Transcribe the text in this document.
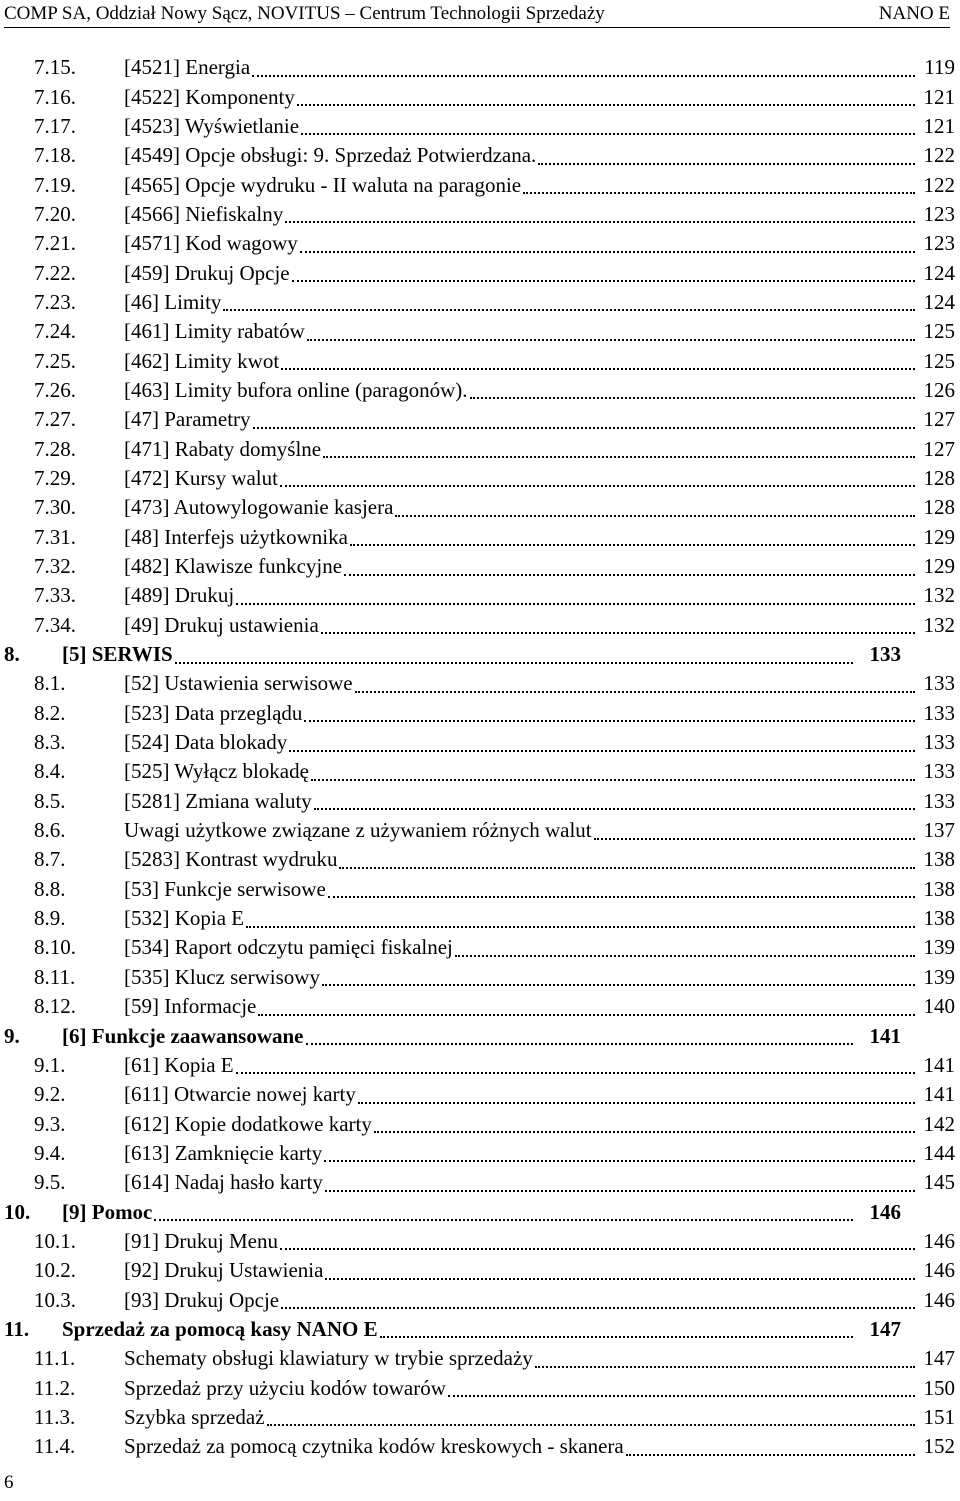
COMP SA, Oddział Nowy Sącz, NOVITUS – Centrum Technologii Sprzedaży	NANO E
7.15.	[4521] Energia	119
7.16.	[4522] Komponenty	121
7.17.	[4523] Wyświetlanie	121
7.18.	[4549] Opcje obsługi: 9. Sprzedaż Potwierdzana.	122
7.19.	[4565] Opcje wydruku - II waluta na paragonie	122
7.20.	[4566] Niefiskalny	123
7.21.	[4571] Kod wagowy	123
7.22.	[459] Drukuj Opcje	124
7.23.	[46] Limity	124
7.24.	[461] Limity rabatów	125
7.25.	[462] Limity kwot	125
7.26.	[463] Limity bufora online (paragonów).	126
7.27.	[47] Parametry	127
7.28.	[471] Rabaty domyślne	127
7.29.	[472] Kursy walut	128
7.30.	[473] Autowylogowanie kasjera	128
7.31.	[48] Interfejs użytkownika	129
7.32.	[482] Klawisze funkcyjne	129
7.33.	[489] Drukuj	132
7.34.	[49] Drukuj ustawienia	132
8.	[5] SERWIS	133
8.1.	[52] Ustawienia serwisowe	133
8.2.	[523] Data przeglądu	133
8.3.	[524] Data blokady	133
8.4.	[525] Wyłącz blokadę	133
8.5.	[5281] Zmiana waluty	133
8.6.	Uwagi użytkowe związane z używaniem różnych walut	137
8.7.	[5283] Kontrast wydruku	138
8.8.	[53] Funkcje serwisowe	138
8.9.	[532] Kopia E	138
8.10.	[534] Raport odczytu pamięci fiskalnej	139
8.11.	[535] Klucz serwisowy	139
8.12.	[59] Informacje	140
9.	[6] Funkcje zaawansowane	141
9.1.	[61] Kopia E	141
9.2.	[611] Otwarcie nowej karty	141
9.3.	[612] Kopie dodatkowe karty	142
9.4.	[613] Zamknięcie karty	144
9.5.	[614] Nadaj hasło karty	145
10.	[9] Pomoc	146
10.1.	[91] Drukuj Menu	146
10.2.	[92] Drukuj Ustawienia	146
10.3.	[93] Drukuj Opcje	146
11.	Sprzedaż za pomocą kasy NANO E	147
11.1.	Schematy obsługi klawiatury w trybie sprzedaży	147
11.2.	Sprzedaż przy użyciu kodów towarów	150
11.3.	Szybka sprzedaż	151
11.4.	Sprzedaż za pomocą czytnika kodów kreskowych - skanera	152
6
